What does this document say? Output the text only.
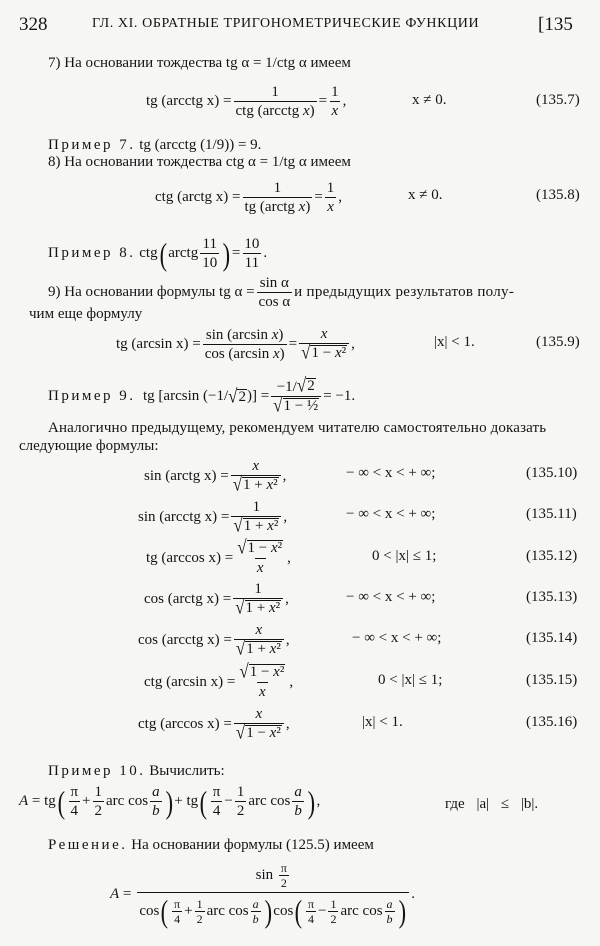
328	ГЛ. XI. ОБРАТНЫЕ ТРИГОНОМЕТРИЧЕСКИЕ ФУНКЦИИ	[135
7) На основании тождества tg α = 1/ctg α имеем
tg (arcctg $x) = \frac{1}{\text{ctg (arcctg x)}} = \frac{1}{x}$ ,	x ≠ 0.	(135.7)
Пример 7. tg (arcctg (1/9)) = 9.
8) На основании тождества ctg α = 1/tg α имеем
ctg (arctg $x) = \frac{1}{\text{tg (arctg x)}} = \frac{1}{x}$ ,	x ≠ 0.	(135.8)
Пример 8. ctg ( arctg $\frac{11}{10}$ ) = $\frac{10}{11}$ .
9) На основании формулы tg $\alpha = \frac{\text{sin α}}{\text{cos α}}$ и предыдущих результатов полу-
чим еще формулу
tg (arcsin $x) = \frac{\text{sin (arcsin x)}}{\text{cos (arcsin x)}} = \frac{x}{\text{√ 1 − x²}}$ ,	|x| < 1.	(135.9)
Пример 9. tg [arcsin (−1/ √ 2 )] = $\frac{-1/ √ 2}{\text{√ 1 − ½}} = -1$.
Аналогично предыдущему, рекомендуем читателю самостоятельно доказать
следующие формулы:
sin (arctg $x) = \frac{x}{\text{√ 1 + x²}}$ ,	− ∞ < x < + ∞;	(135.10)
sin (arcctg $x) = \frac{1}{\text{√ 1 + x²}}$ ,	− ∞ < x < + ∞;	(135.11)
tg (arccos $x) = \frac{\text{√ 1 − x²}}{x}$ ,	0 < |x| ≤ 1;	(135.12)
cos (arctg $x) = \frac{1}{\text{√ 1 + x²}}$ ,	− ∞ < x < + ∞;	(135.13)
cos (arcctg $x) = \frac{x}{\text{√ 1 + x²}}$ ,	− ∞ < x < + ∞;	(135.14)
ctg (arcsin $x) = \frac{\text{√ 1 − x²}}{x}$ ,	0 < |x| ≤ 1;	(135.15)
ctg (arccos $x) = \frac{x}{\text{√ 1 − x²}}$ ,	|x| < 1.	(135.16)
Пример 10. Вычислить:
A = tg ( $\frac{\pi}{4} + \frac{1}{2}$ arc $\cos \frac{a}{b}$ ) + tg ( $\frac{\pi}{4} - \frac{1}{2}$ arc $\cos \frac{a}{b}$ ) ,	где |a| ≤ |b|.
Решение. На основании формулы (125.5) имеем
A =
$\sin \frac{\pi}{2}$
cos ( $\frac{\pi}{4} + \frac{1}{2}$ arc $\cos \frac{a}{b}$ ) cos ( $\frac{\pi}{4} - \frac{1}{2}$ arc $\cos \frac{a}{b}$ ) .
